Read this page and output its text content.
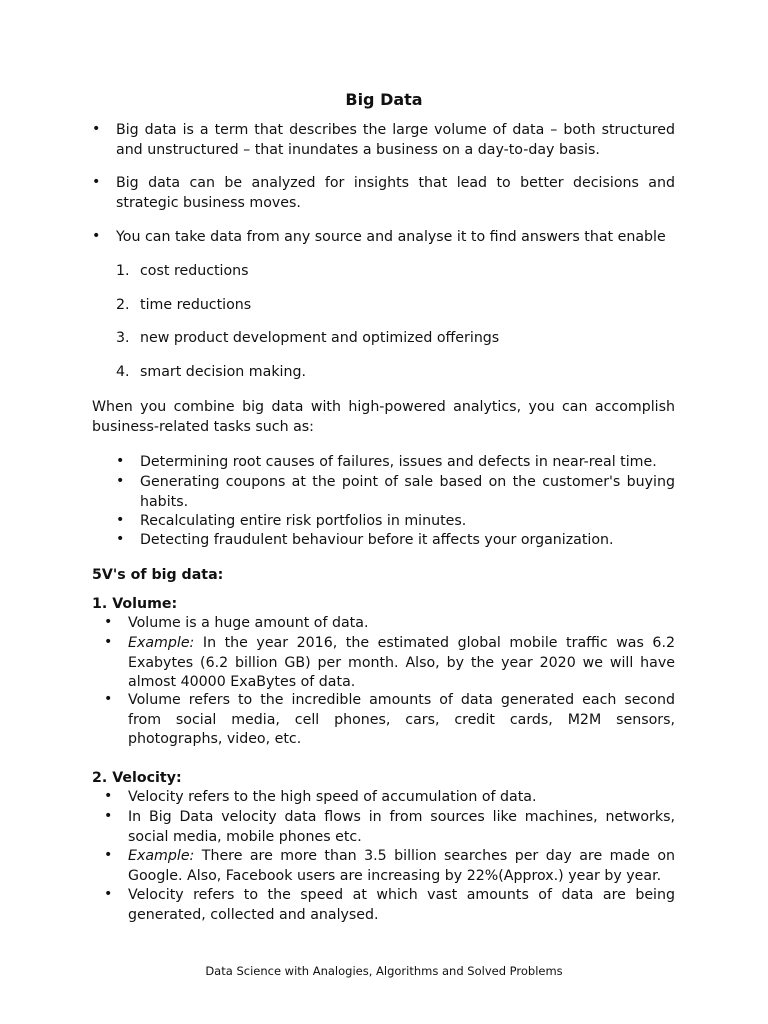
Big Data
• Big data is a term that describes the large volume of data – both structured and unstructured – that inundates a business on a day-to-day basis.
• Big data can be analyzed for insights that lead to better decisions and strategic business moves.
• You can take data from any source and analyse it to find answers that enable
1. cost reductions
2. time reductions
3. new product development and optimized offerings
4. smart decision making.
When you combine big data with high-powered analytics, you can accomplish business-related tasks such as:
• Determining root causes of failures, issues and defects in near-real time.
• Generating coupons at the point of sale based on the customer's buying habits.
• Recalculating entire risk portfolios in minutes.
• Detecting fraudulent behaviour before it affects your organization.
5V's of big data:
1. Volume:
• Volume is a huge amount of data.
• Example: In the year 2016, the estimated global mobile traffic was 6.2 Exabytes (6.2 billion GB) per month. Also, by the year 2020 we will have almost 40000 ExaBytes of data.
• Volume refers to the incredible amounts of data generated each second from social media, cell phones, cars, credit cards, M2M sensors, photographs, video, etc.
2. Velocity:
• Velocity refers to the high speed of accumulation of data.
• In Big Data velocity data flows in from sources like machines, networks, social media, mobile phones etc.
• Example: There are more than 3.5 billion searches per day are made on Google. Also, Facebook users are increasing by 22%(Approx.) year by year.
• Velocity refers to the speed at which vast amounts of data are being generated, collected and analysed.
Data Science with Analogies, Algorithms and Solved Problems
